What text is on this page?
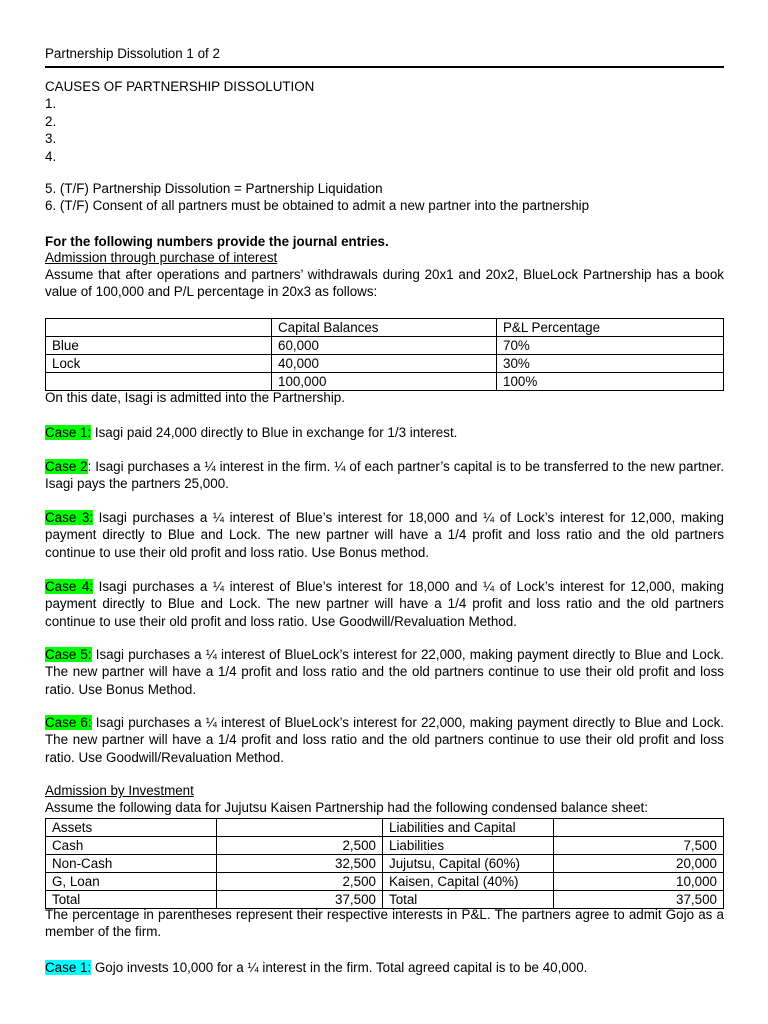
Partnership Dissolution 1 of 2
CAUSES OF PARTNERSHIP DISSOLUTION
1.
2.
3.
4.
5. (T/F) Partnership Dissolution = Partnership Liquidation
6. (T/F) Consent of all partners must be obtained to admit a new partner into the partnership
For the following numbers provide the journal entries.
Admission through purchase of interest
Assume that after operations and partners’ withdrawals during 20x1 and 20x2, BlueLock Partnership has a book value of 100,000 and P/L percentage in 20x3 as follows:
	Capital Balances	P&L Percentage
Blue	60,000	70%
Lock	40,000	30%
	100,000	100%
On this date, Isagi is admitted into the Partnership.
Case 1: Isagi paid 24,000 directly to Blue in exchange for 1/3 interest.
Case 2: Isagi purchases a ¼ interest in the firm. ¼ of each partner’s capital is to be transferred to the new partner. Isagi pays the partners 25,000.
Case 3: Isagi purchases a ¼ interest of Blue’s interest for 18,000 and ¼ of Lock’s interest for 12,000, making payment directly to Blue and Lock. The new partner will have a 1/4 profit and loss ratio and the old partners continue to use their old profit and loss ratio. Use Bonus method.
Case 4: Isagi purchases a ¼ interest of Blue’s interest for 18,000 and ¼ of Lock’s interest for 12,000, making payment directly to Blue and Lock. The new partner will have a 1/4 profit and loss ratio and the old partners continue to use their old profit and loss ratio. Use Goodwill/Revaluation Method.
Case 5: Isagi purchases a ¼ interest of BlueLock’s interest for 22,000, making payment directly to Blue and Lock. The new partner will have a 1/4 profit and loss ratio and the old partners continue to use their old profit and loss ratio. Use Bonus Method.
Case 6: Isagi purchases a ¼ interest of BlueLock’s interest for 22,000, making payment directly to Blue and Lock. The new partner will have a 1/4 profit and loss ratio and the old partners continue to use their old profit and loss ratio. Use Goodwill/Revaluation Method.
Admission by Investment
Assume the following data for Jujutsu Kaisen Partnership had the following condensed balance sheet:
Assets		Liabilities and Capital	
Cash	2,500	Liabilities	7,500
Non-Cash	32,500	Jujutsu, Capital (60%)	20,000
G, Loan	2,500	Kaisen, Capital (40%)	10,000
Total	37,500	Total	37,500
The percentage in parentheses represent their respective interests in P&L. The partners agree to admit Gojo as a member of the firm.
Case 1: Gojo invests 10,000 for a ¼ interest in the firm. Total agreed capital is to be 40,000.
